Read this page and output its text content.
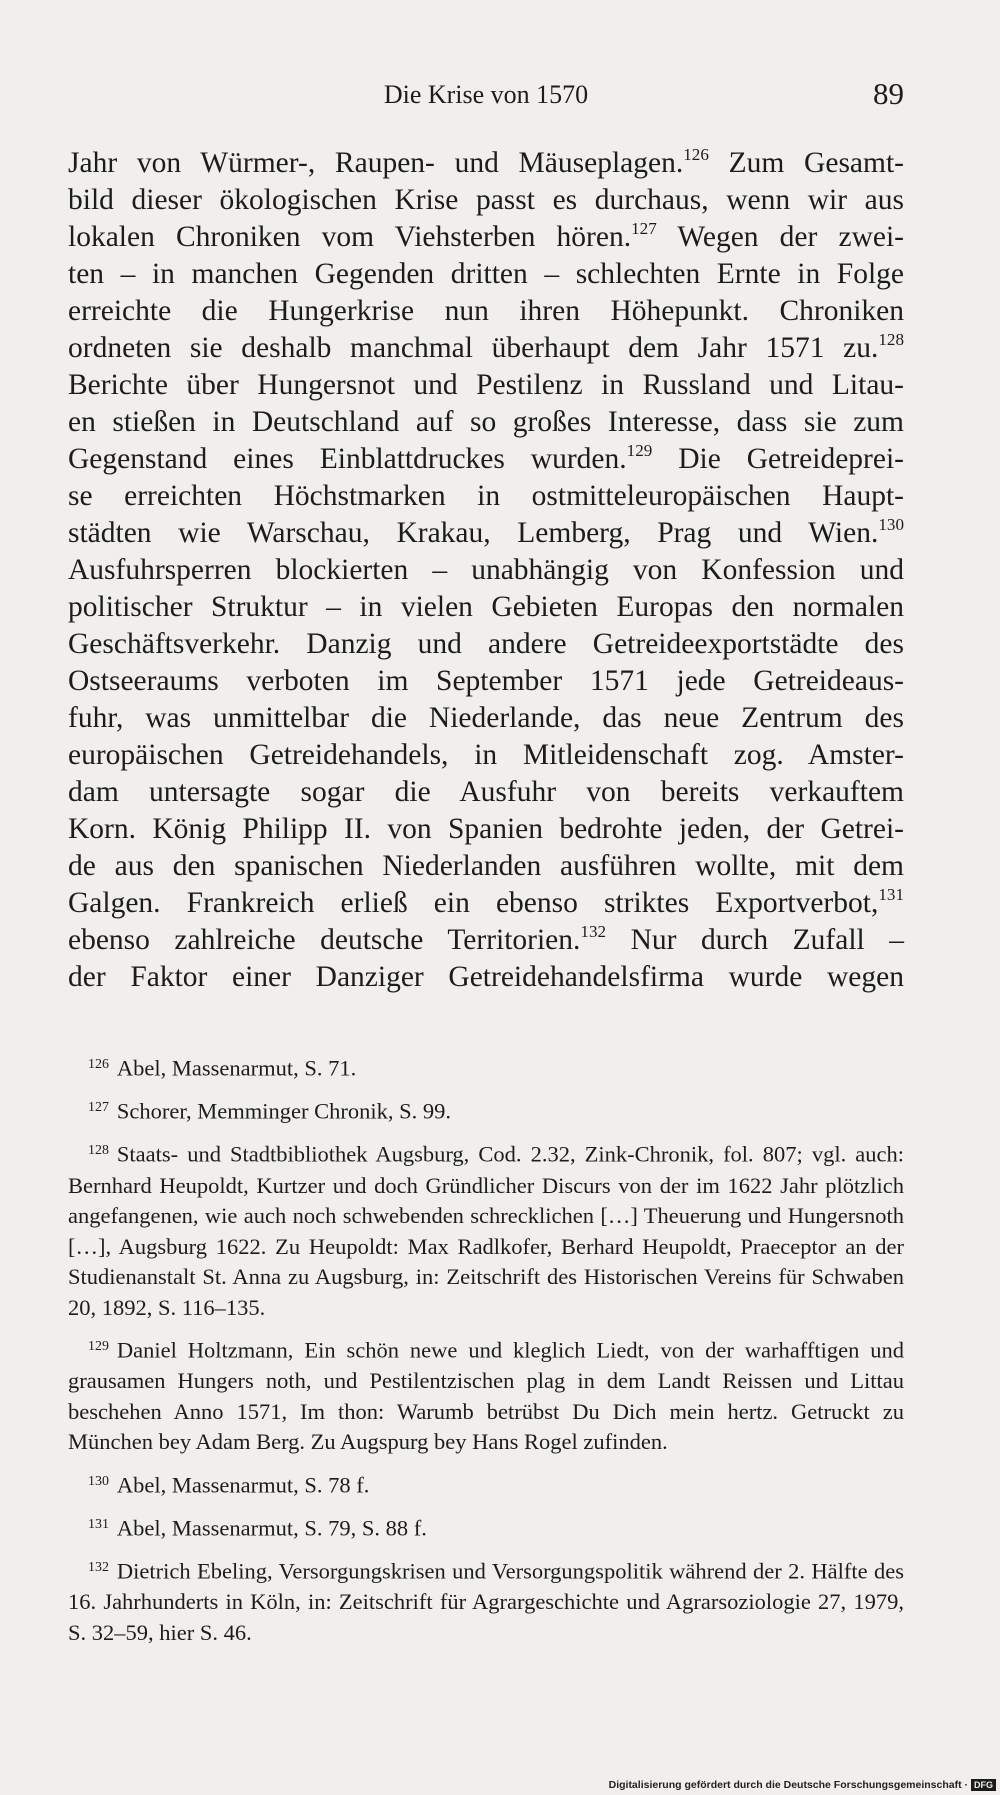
Die Krise von 1570	89
Jahr von Würmer-, Raupen- und Mäuseplagen.$^{126}$ Zum Gesamt-
bild dieser ökologischen Krise passt es durchaus, wenn wir aus
lokalen Chroniken vom Viehsterben hören.$^{127}$ Wegen der zwei-
ten – in manchen Gegenden dritten – schlechten Ernte in Folge
erreichte die Hungerkrise nun ihren Höhepunkt. Chroniken
ordneten sie deshalb manchmal überhaupt dem Jahr 1571 zu.$^{128}$
Berichte über Hungersnot und Pestilenz in Russland und Litau-
en stießen in Deutschland auf so großes Interesse, dass sie zum
Gegenstand eines Einblattdruckes wurden.$^{129}$ Die Getreideprei-
se erreichten Höchstmarken in ostmitteleuropäischen Haupt-
städten wie Warschau, Krakau, Lemberg, Prag und Wien.$^{130}$
Ausfuhrsperren blockierten – unabhängig von Konfession und
politischer Struktur – in vielen Gebieten Europas den normalen
Geschäftsverkehr. Danzig und andere Getreideexportstädte des
Ostseeraums verboten im September 1571 jede Getreideaus-
fuhr, was unmittelbar die Niederlande, das neue Zentrum des
europäischen Getreidehandels, in Mitleidenschaft zog. Amster-
dam untersagte sogar die Ausfuhr von bereits verkauftem
Korn. König Philipp II. von Spanien bedrohte jeden, der Getrei-
de aus den spanischen Niederlanden ausführen wollte, mit dem
Galgen. Frankreich erließ ein ebenso striktes Exportverbot,$^{131}$
ebenso zahlreiche deutsche Territorien.$^{132}$ Nur durch Zufall –
der Faktor einer Danziger Getreidehandelsfirma wurde wegen
$^{126}$ Abel, Massenarmut, S. 71.
$^{127}$ Schorer, Memminger Chronik, S. 99.
$^{128}$ Staats- und Stadtbibliothek Augsburg, Cod. 2.32, Zink-Chronik, fol. 807; vgl. auch: Bernhard Heupoldt, Kurtzer und doch Gründlicher Discurs von der im 1622 Jahr plötzlich angefangenen, wie auch noch schwebenden schrecklichen […] Theuerung und Hungersnoth […], Augsburg 1622. Zu Heupoldt: Max Radlkofer, Berhard Heupoldt, Praeceptor an der Studienanstalt St. Anna zu Augsburg, in: Zeitschrift des Historischen Vereins für Schwaben 20, 1892, S. 116–135.
$^{129}$ Daniel Holtzmann, Ein schön newe und kleglich Liedt, von der warhafftigen und grausamen Hungers noth, und Pestilentzischen plag in dem Landt Reissen und Littau beschehen Anno 1571, Im thon: Warumb betrübst Du Dich mein hertz. Getruckt zu München bey Adam Berg. Zu Augspurg bey Hans Rogel zufinden.
$^{130}$ Abel, Massenarmut, S. 78 f.
$^{131}$ Abel, Massenarmut, S. 79, S. 88 f.
$^{132}$ Dietrich Ebeling, Versorgungskrisen und Versorgungspolitik während der 2. Hälfte des 16. Jahrhunderts in Köln, in: Zeitschrift für Agrargeschichte und Agrarsoziologie 27, 1979, S. 32–59, hier S. 46.
Digitalisierung gefördert durch die Deutsche Forschungsgemeinschaft · DFG
